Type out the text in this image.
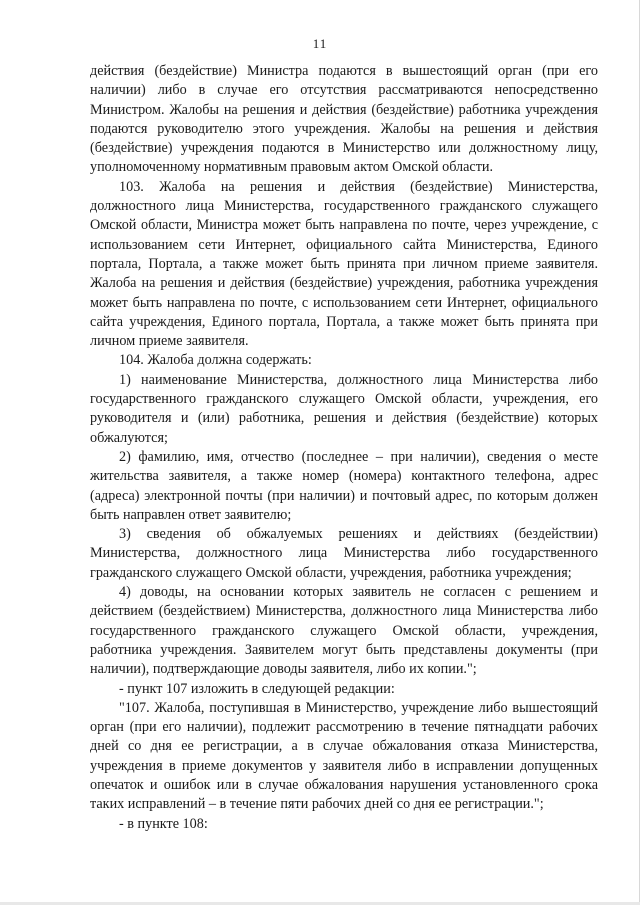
11

действия (бездействие) Министра подаются в вышестоящий орган (при его наличии) либо в случае его отсутствия рассматриваются непосредственно Министром. Жалобы на решения и действия (бездействие) работника учреждения подаются руководителю этого учреждения. Жалобы на решения и действия (бездействие) учреждения подаются в Министерство или должностному лицу, уполномоченному нормативным правовым актом Омской области.

103. Жалоба на решения и действия (бездействие) Министерства, должностного лица Министерства, государственного гражданского служащего Омской области, Министра может быть направлена по почте, через учреждение, с использованием сети Интернет, официального сайта Министерства, Единого портала, Портала, а также может быть принята при личном приеме заявителя. Жалоба на решения и действия (бездействие) учреждения, работника учреждения может быть направлена по почте, с использованием сети Интернет, официального сайта учреждения, Единого портала, Портала, а также может быть принята при личном приеме заявителя.

104. Жалоба должна содержать:

1) наименование Министерства, должностного лица Министерства либо государственного гражданского служащего Омской области, учреждения, его руководителя и (или) работника, решения и действия (бездействие) которых обжалуются;

2) фамилию, имя, отчество (последнее – при наличии), сведения о месте жительства заявителя, а также номер (номера) контактного телефона, адрес (адреса) электронной почты (при наличии) и почтовый адрес, по которым должен быть направлен ответ заявителю;

3) сведения об обжалуемых решениях и действиях (бездействии) Министерства, должностного лица Министерства либо государственного гражданского служащего Омской области, учреждения, работника учреждения;

4) доводы, на основании которых заявитель не согласен с решением и действием (бездействием) Министерства, должностного лица Министерства либо государственного гражданского служащего Омской области, учреждения, работника учреждения. Заявителем могут быть представлены документы (при наличии), подтверждающие доводы заявителя, либо их копии.";

- пункт 107 изложить в следующей редакции:

"107. Жалоба, поступившая в Министерство, учреждение либо вышестоящий орган (при его наличии), подлежит рассмотрению в течение пятнадцати рабочих дней со дня ее регистрации, а в случае обжалования отказа Министерства, учреждения в приеме документов у заявителя либо в исправлении допущенных опечаток и ошибок или в случае обжалования нарушения установленного срока таких исправлений – в течение пяти рабочих дней со дня ее регистрации.";

- в пункте 108:
